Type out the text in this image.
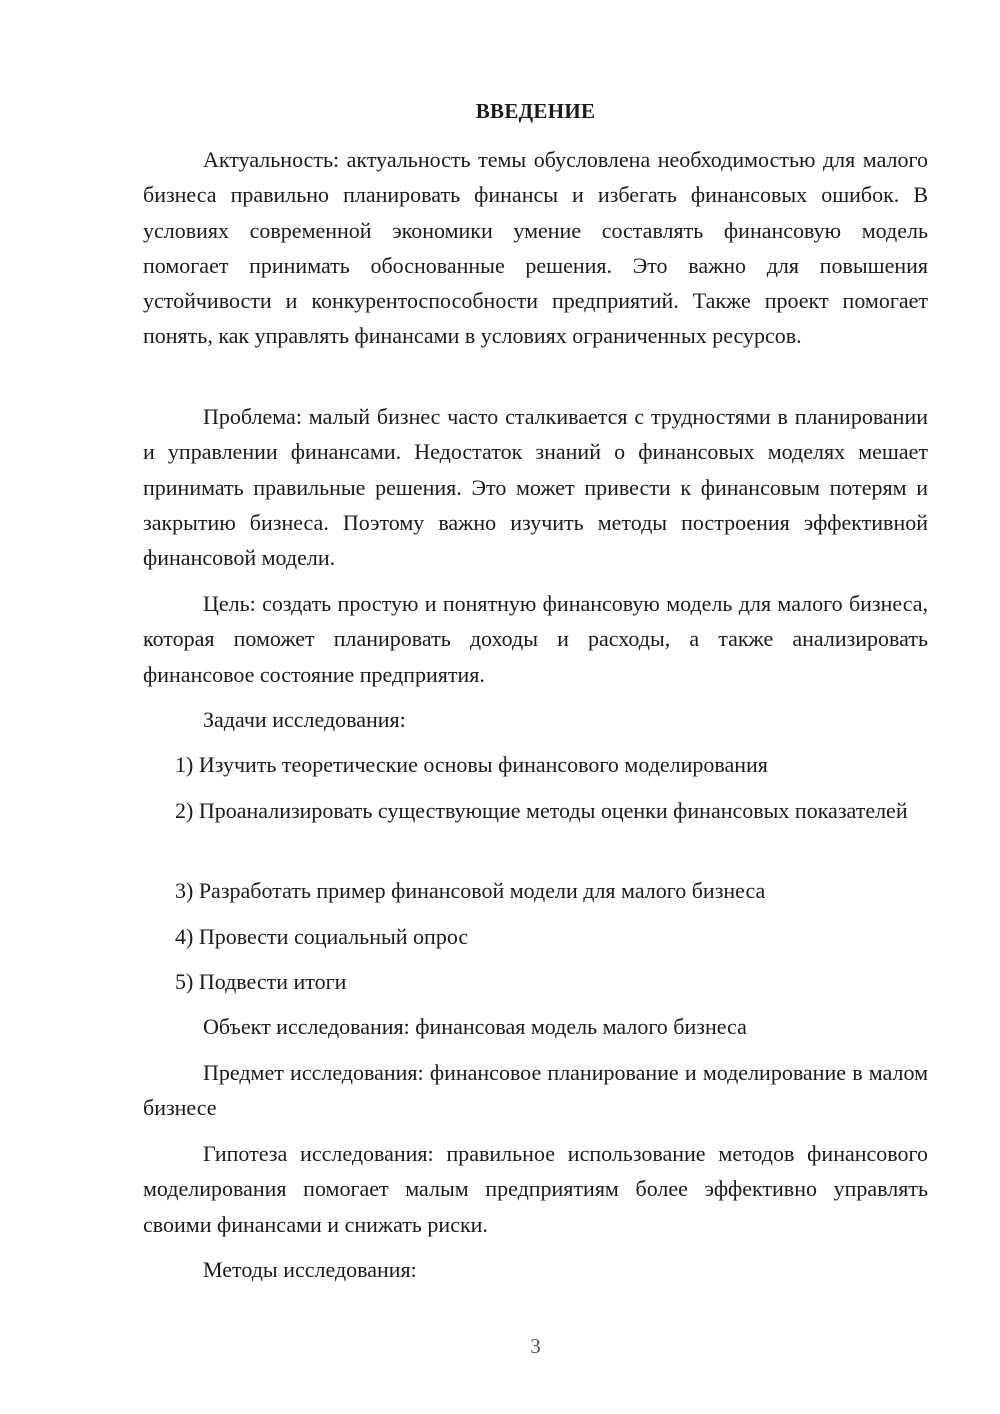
ВВЕДЕНИЕ

Актуальность: актуальность темы обусловлена необходимостью для малого бизнеса правильно планировать финансы и избегать финансовых ошибок. В условиях современной экономики умение составлять финансовую модель помогает принимать обоснованные решения. Это важно для повышения устойчивости и конкурентоспособности предприятий. Также проект помогает понять, как управлять финансами в условиях ограниченных ресурсов.

Проблема: малый бизнес часто сталкивается с трудностями в планировании и управлении финансами. Недостаток знаний о финансовых моделях мешает принимать правильные решения. Это может привести к финансовым потерям и закрытию бизнеса. Поэтому важно изучить методы построения эффективной финансовой модели.

Цель: создать простую и понятную финансовую модель для малого бизнеса, которая поможет планировать доходы и расходы, а также анализировать финансовое состояние предприятия.

Задачи исследования:

1) Изучить теоретические основы финансового моделирования

2) Проанализировать существующие методы оценки финансовых показателей

3) Разработать пример финансовой модели для малого бизнеса

4) Провести социальный опрос

5) Подвести итоги

Объект исследования: финансовая модель малого бизнеса

Предмет исследования: финансовое планирование и моделирование в малом бизнесе

Гипотеза исследования: правильное использование методов финансового моделирования помогает малым предприятиям более эффективно управлять своими финансами и снижать риски.

Методы исследования:

3
